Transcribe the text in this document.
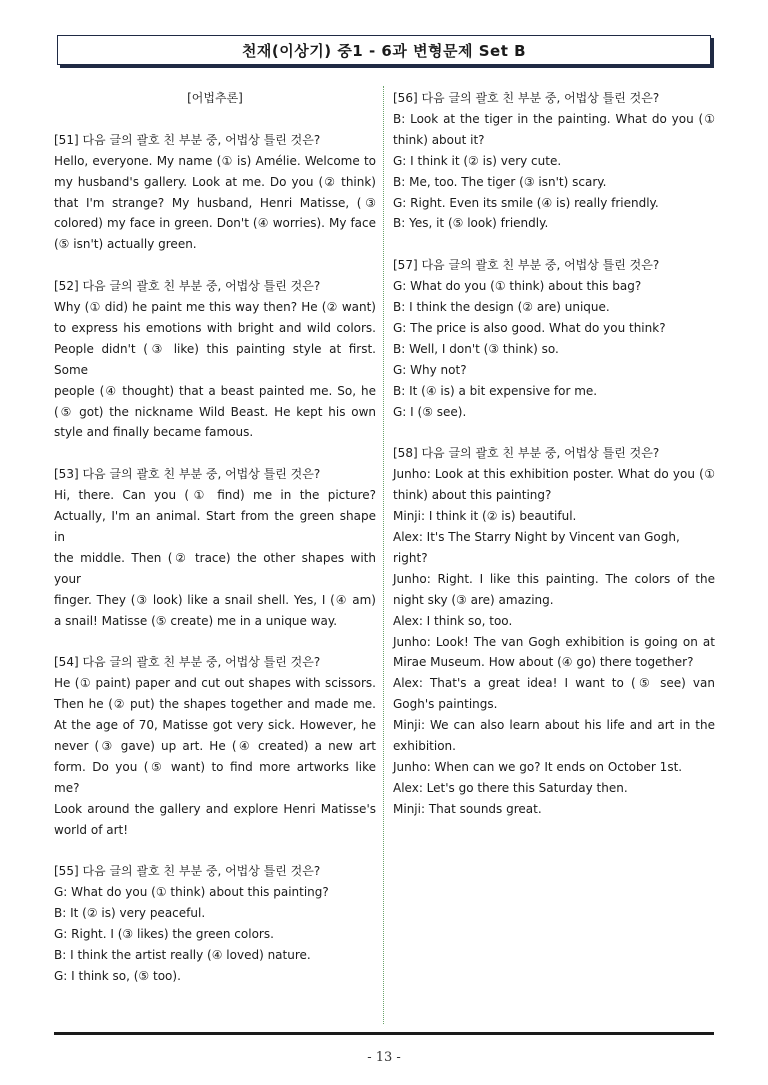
천재(이상기) 중1 - 6과 변형문제 Set B

[어법추론]

[51] 다음 글의 괄호 친 부분 중, 어법상 틀린 것은?

Hello, everyone. My name (① is) Amélie. Welcome to

my husband's gallery. Look at me. Do you (② think)

that I'm strange? My husband, Henri Matisse, (③

colored) my face in green. Don't (④ worries). My face

(⑤ isn't) actually green.

[52] 다음 글의 괄호 친 부분 중, 어법상 틀린 것은?

Why (① did) he paint me this way then? He (② want)

to express his emotions with bright and wild colors.

People didn't (③ like) this painting style at first. Some

people (④ thought) that a beast painted me. So, he

(⑤ got) the nickname Wild Beast. He kept his own

style and finally became famous.

[53] 다음 글의 괄호 친 부분 중, 어법상 틀린 것은?

Hi, there. Can you (① find) me in the picture?

Actually, I'm an animal. Start from the green shape in

the middle. Then (② trace) the other shapes with your

finger. They (③ look) like a snail shell. Yes, I (④ am)

a snail! Matisse (⑤ create) me in a unique way.

[54] 다음 글의 괄호 친 부분 중, 어법상 틀린 것은?

He (① paint) paper and cut out shapes with scissors.

Then he (② put) the shapes together and made me.

At the age of 70, Matisse got very sick. However, he

never (③ gave) up art. He (④ created) a new art

form. Do you (⑤ want) to find more artworks like me?

Look around the gallery and explore Henri Matisse's

world of art!

[55] 다음 글의 괄호 친 부분 중, 어법상 틀린 것은?

G: What do you (① think) about this painting?

B: It (② is) very peaceful.

G: Right. I (③ likes) the green colors.

B: I think the artist really (④ loved) nature.

G: I think so, (⑤ too).

[56] 다음 글의 괄호 친 부분 중, 어법상 틀린 것은?

B: Look at the tiger in the painting. What do you (①

think) about it?

G: I think it (② is) very cute.

B: Me, too. The tiger (③ isn't) scary.

G: Right. Even its smile (④ is) really friendly.

B: Yes, it (⑤ look) friendly.

[57] 다음 글의 괄호 친 부분 중, 어법상 틀린 것은?

G: What do you (① think) about this bag?

B: I think the design (② are) unique.

G: The price is also good. What do you think?

B: Well, I don't (③ think) so.

G: Why not?

B: It (④ is) a bit expensive for me.

G: I (⑤ see).

[58] 다음 글의 괄호 친 부분 중, 어법상 틀린 것은?

Junho: Look at this exhibition poster. What do you (①

think) about this painting?

Minji: I think it (② is) beautiful.

Alex: It's The Starry Night by Vincent van Gogh, right?

Junho: Right. I like this painting. The colors of the

night sky (③ are) amazing.

Alex: I think so, too.

Junho: Look! The van Gogh exhibition is going on at

Mirae Museum. How about (④ go) there together?

Alex: That's a great idea! I want to (⑤ see) van

Gogh's paintings.

Minji: We can also learn about his life and art in the

exhibition.

Junho: When can we go? It ends on October 1st.

Alex: Let's go there this Saturday then.

Minji: That sounds great.

- 13 -
